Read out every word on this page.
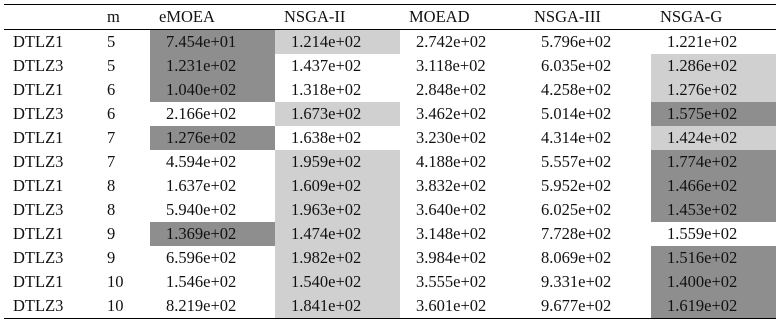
	m	eMOEA	NSGA-II	MOEAD	NSGA-III	NSGA-G
DTLZ1	5	7.454e+01	1.214e+02	2.742e+02	5.796e+02	1.221e+02
DTLZ3	5	1.231e+02	1.437e+02	3.118e+02	6.035e+02	1.286e+02
DTLZ1	6	1.040e+02	1.318e+02	2.848e+02	4.258e+02	1.276e+02
DTLZ3	6	2.166e+02	1.673e+02	3.462e+02	5.014e+02	1.575e+02
DTLZ1	7	1.276e+02	1.638e+02	3.230e+02	4.314e+02	1.424e+02
DTLZ3	7	4.594e+02	1.959e+02	4.188e+02	5.557e+02	1.774e+02
DTLZ1	8	1.637e+02	1.609e+02	3.832e+02	5.952e+02	1.466e+02
DTLZ3	8	5.940e+02	1.963e+02	3.640e+02	6.025e+02	1.453e+02
DTLZ1	9	1.369e+02	1.474e+02	3.148e+02	7.728e+02	1.559e+02
DTLZ3	9	6.596e+02	1.982e+02	3.984e+02	8.069e+02	1.516e+02
DTLZ1	10	1.546e+02	1.540e+02	3.555e+02	9.331e+02	1.400e+02
DTLZ3	10	8.219e+02	1.841e+02	3.601e+02	9.677e+02	1.619e+02
